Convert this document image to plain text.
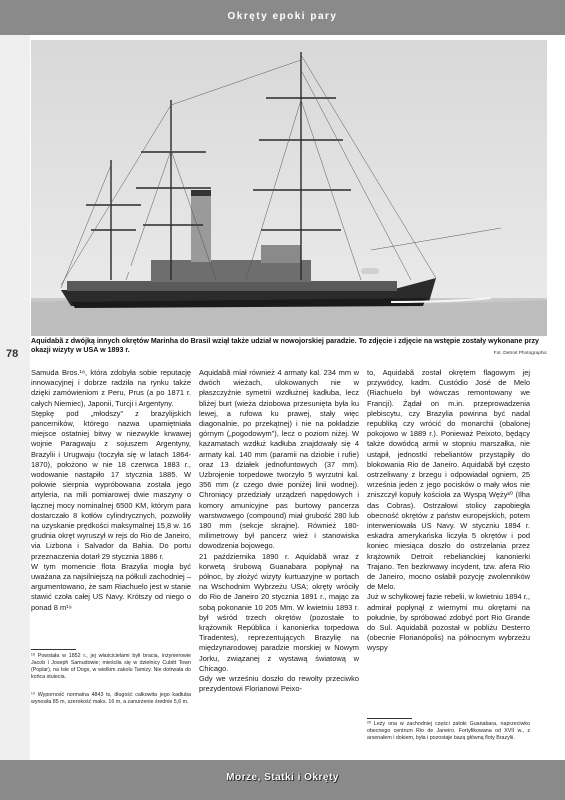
Okręty epoki pary
78
Aquidabã z dwójką innych okrętów Marinha do Brasil wziął także udział w nowojorskiej paradzie. To zdjęcie i zdjęcie na wstępie zostały wykonane przy okazji wizyty w USA w 1893 r.	Fot. Detroit Photographic
Samuda Bros.¹⁸, która zdobyła sobie reputację innowacyjnej i dobrze radziła na rynku także dzięki zamówieniom z Peru, Prus (a po 1871 r. całych Niemiec), Japonii, Turcji i Argentyny.
Stępkę pod „młodszy” z brazylijskich pancerników, którego nazwa upamiętniała miejsce ostatniej bitwy w niezwykle krwawej wojnie Paragwaju z sojuszem Argentyny, Brazylii i Urugwaju (toczyła się w latach 1864-1870), położono w nie 18 czerwca 1883 r., wodowanie nastąpiło 17 stycznia 1885. W połowie sierpnia wypróbowana została jego artyleria, na mili pomiarowej dwie maszyny o łącznej mocy nominalnej 6500 KM, którym para dostarczało 8 kotłów cylindrycznych, pozwoliły na uzyskanie prędkości maksymalnej 15,8 w. 16 grudnia okręt wyruszył w rejs do Rio de Janeiro, via Lizbona i Salvador da Bahia. Do portu przeznaczenia dotarł 29 stycznia 1886 r.
W tym momencie flota Brazylia mogła być uważana za najsilniejszą na półkuli zachodniej – argumentowano, że sam Riachuelo jest w stanie stawić czoła całej US Navy. Krótszy od niego o ponad 8 m¹⁹
Aquidabã miał również 4 armaty kal. 234 mm w dwóch wieżach, ulokowanych nie w płaszczyźnie symetrii wzdłużnej kadłuba, lecz bliżej burt (wieża dziobowa przesunięta była ku lewej, a rufowa ku prawej, stały więc diagonalnie, po przekątnej) i nie na pokładzie górnym („pogodowym”), lecz o poziom niżej. W kazamatach wzdłuż kadłuba znajdowały się 4 armaty kal. 140 mm (paramii na dziobie i rufie) oraz 13 działek jednofuntowych (37 mm). Uzbrojenie torpedowe tworzyło 5 wyrzutni kal. 356 mm (z czego dwie poniżej linii wodnej). Chroniący przedziały urządzeń napędowych i komory amunicyjne pas burtowy pancerza warstwowego (compound) miał grubość 280 lub 180 mm (sekcje skrajne). Również 180-milimetrowy był pancerz wież i stanowiska dowodzenia bojowego.
21 października 1890 r. Aquidabã wraz z korwetą śrubową Guanabara popłynął na północ, by złożyć wizyty kurtuazyjne w portach na Wschodnim Wybrzeżu USA; okręty wróciły do Rio de Janeiro 20 stycznia 1891 r., mając za sobą pokonanie 10 205 Mm. W kwietniu 1893 r. był wśród trzech okrętów (pozostałe to krążownik República i kanonierka torpedowa Tiradentes), reprezentujących Brazylię na międzynarodowej paradzie morskiej w Nowym Jorku, związanej z wystawą światową w Chicago.
Gdy we wrześniu doszło do rewolty przeciwko prezydentowi Florianowi Peixo-
to, Aquidabã został okrętem flagowym jej przywódcy, kadm. Custódio José de Melo (Riachuelo był wówczas remontowany we Francji). Żądał on m.in. przeprowadzenia plebiscytu, czy Brazylia powinna być nadal republiką czy wrócić do monarchii (obalonej pokojowo w 1889 r.). Ponieważ Peixoto, będący także dowódcą armii w stopniu marszałka, nie ustąpił, jednostki rebeliantów przystąpiły do blokowania Rio de Janeiro. Aquidabã był często ostrzeliwany z brzegu i odpowiadał ogniem, 25 września jeden z jego pocisków o mały włos nie zniszczył kopuły kościoła za Wyspą Węży²⁰ (Ilha das Cobras). Ostrzałowi stolicy zapobiegła obecność okrętów z państw europejskich, potem interweniowała US Navy. W styczniu 1894 r. eskadra amerykańska liczyła 5 okrętów i pod koniec miesiąca doszło do ostrzelania przez krążownik Detroit rebelianckiej kanonierki Trajano. Ten bezkrwawy incydent, tzw. afera Rio de Janeiro, mocno osłabił pozycję zwolenników de Melo.
Już w schyłkowej fazie rebelii, w kwietniu 1894 r., admirał popłynął z wiernymi mu okrętami na południe, by spróbować zdobyć port Rio Grande do Sul. Aquidabã pozostał w pobliżu Desterro (obecnie Florianópolis) na północnym wybrzeżu wyspy
¹⁸ Powstała w 1852 r., jej właścicielami byli bracia, inżynierowie Jacob i Joseph Samudowie; mieściła się w dzielnicy Cubitt Town (Poplar), na Isle of Dogs, w wielkim zakolu Tamizy. Nie dotrwała do końca stulecia.
¹⁹ Wyporność normalna 4843 ts, długość całkowita jego kadłuba wynosiła 85 m, szerokość maks. 16 m, a zanurzenie średnie 5,6 m.
²⁰ Leży ona w zachodniej części zatoki Guanabara, naprzeciwko obecnego centrum Rio de Janeiro. Fortyfikowana od XVII w., z arsenałem i dokiem, była i pozostaje bazą główną floty Brazylii.
Morze, Statki i Okręty
